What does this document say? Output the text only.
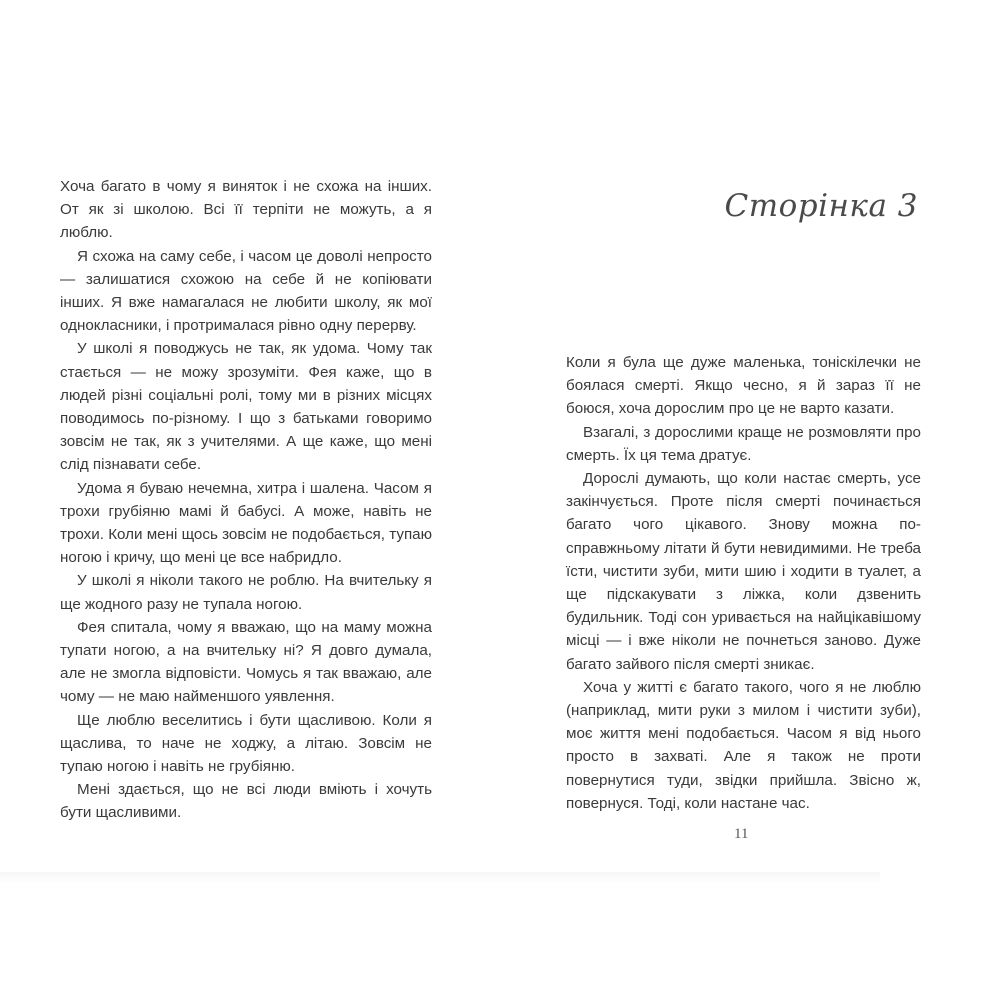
Хоча багато в чому я виняток і не схожа на інших. От як зі школою. Всі її терпіти не можуть, а я люблю.

Я схожа на саму себе, і часом це доволі непросто — залишатися схожою на себе й не копіювати інших. Я вже намагалася не любити школу, як мої однокласники, і протрималася рівно одну перерву.

У школі я поводжусь не так, як удома. Чому так стається — не можу зрозуміти. Фея каже, що в людей різні соціальні ролі, тому ми в різних місцях поводимось по-різному. І що з батьками говоримо зовсім не так, як з учителями. А ще каже, що мені слід пізнавати себе.

Удома я буваю нечемна, хитра і шалена. Часом я трохи грубіяню мамі й бабусі. А може, навіть не трохи. Коли мені щось зовсім не подобається, тупаю ногою і кричу, що мені це все набридло.

У школі я ніколи такого не роблю. На вчительку я ще жодного разу не тупала ногою.

Фея спитала, чому я вважаю, що на маму можна тупати ногою, а на вчительку ні? Я довго думала, але не змогла відповісти. Чомусь я так вважаю, але чому — не маю найменшого уявлення.

Ще люблю веселитись і бути щасливою. Коли я щаслива, то наче не ходжу, а літаю. Зовсім не тупаю ногою і навіть не грубіяню.

Мені здається, що не всі люди вміють і хочуть бути щасливими.

Сторінка 3

Коли я була ще дуже маленька, тоніскілечки не боялася смерті. Якщо чесно, я й зараз її не боюся, хоча дорослим про це не варто казати.

Взагалі, з дорослими краще не розмовляти про смерть. Їх ця тема дратує.

Дорослі думають, що коли настає смерть, усе закінчується. Проте після смерті починається багато чого цікавого. Знову можна по-справжньому літати й бути невидимими. Не треба їсти, чистити зуби, мити шию і ходити в туалет, а ще підскакувати з ліжка, коли дзвенить будильник. Тоді сон уривається на найцікавішому місці — і вже ніколи не почнеться заново. Дуже багато зайвого після смерті зникає.

Хоча у житті є багато такого, чого я не люблю (наприклад, мити руки з милом і чистити зуби), моє життя мені подобається. Часом я від нього просто в захваті. Але я також не проти повернутися туди, звідки прийшла. Звісно ж, повернуся. Тоді, коли настане час.

11
